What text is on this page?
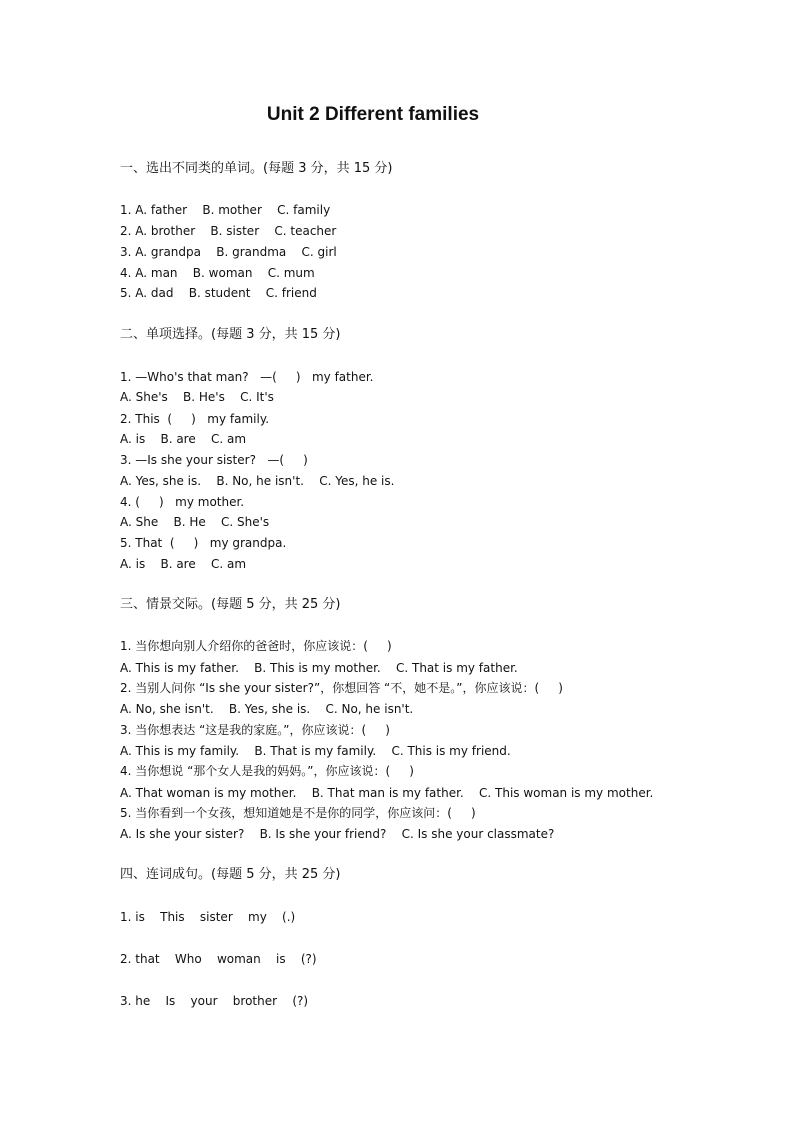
Unit 2 Different families
一、选出不同类的单词。(每题 3 分，共 15 分)
1. A. father    B. mother    C. family
2. A. brother    B. sister    C. teacher
3. A. grandpa    B. grandma    C. girl
4. A. man    B. woman    C. mum
5. A. dad    B. student    C. friend
二、单项选择。(每题 3 分，共 15 分)
1. —Who's that man?   —(     )   my father.
A. She's    B. He's    C. It's
2. This  (     )   my family.
A. is    B. are    C. am
3. —Is she your sister?   —(     )
A. Yes, she is.    B. No, he isn't.    C. Yes, he is.
4. (     )   my mother.
A. She    B. He    C. She's
5. That  (     )   my grandpa.
A. is    B. are    C. am
三、情景交际。(每题 5 分，共 25 分)
1. 当你想向别人介绍你的爸爸时，你应该说：(     )
A. This is my father.    B. This is my mother.    C. That is my father.
2. 当别人问你 “Is she your sister?”，你想回答 “不，她不是。”，你应该说：(     )
A. No, she isn't.    B. Yes, she is.    C. No, he isn't.
3. 当你想表达 “这是我的家庭。”，你应该说：(     )
A. This is my family.    B. That is my family.    C. This is my friend.
4. 当你想说 “那个女人是我的妈妈。”，你应该说：(     )
A. That woman is my mother.    B. That man is my father.    C. This woman is my mother.
5. 当你看到一个女孩，想知道她是不是你的同学，你应该问：(     )
A. Is she your sister?    B. Is she your friend?    C. Is she your classmate?
四、连词成句。(每题 5 分，共 25 分)
1. is    This    sister    my    (.)
2. that    Who    woman    is    (?)
3. he    Is    your    brother    (?)
